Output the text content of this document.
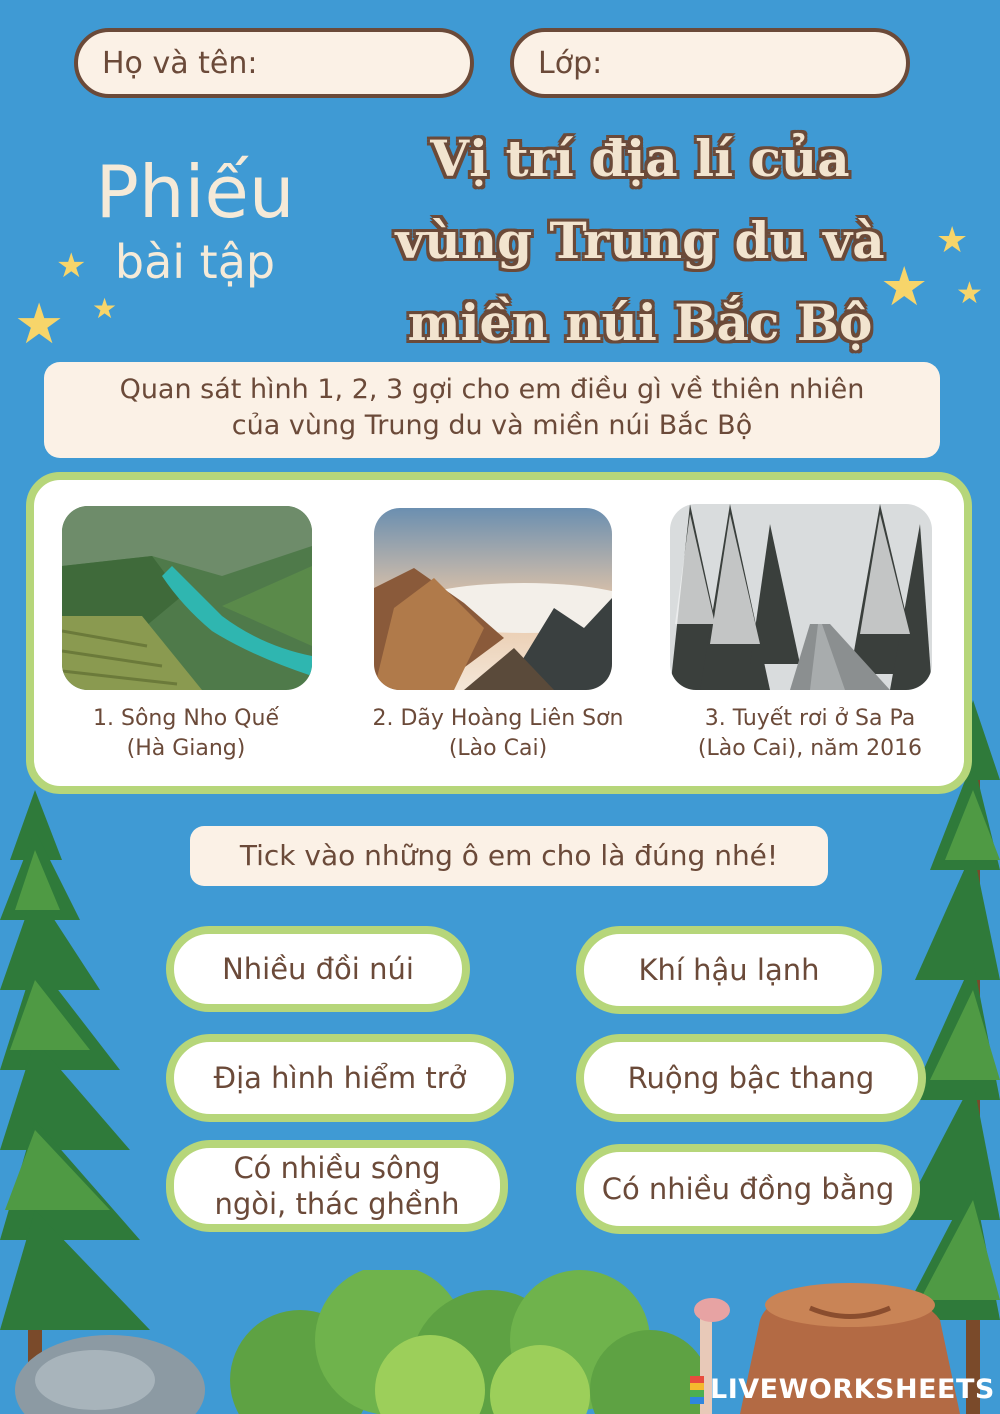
Họ và tên:	Lớp:
Phiếu
bài tập
Vị trí địa lí của
vùng Trung du và
miền núi Bắc Bộ
★
★
★
★
★ ★
Quan sát hình 1, 2, 3 gợi cho em điều gì về thiên nhiên
của vùng Trung du và miền núi Bắc Bộ
1. Sông Nho Quế
(Hà Giang)
2. Dãy Hoàng Liên Sơn
(Lào Cai)
3. Tuyết rơi ở Sa Pa
(Lào Cai), năm 2016
Tick vào những ô em cho là đúng nhé!
Nhiều đồi núi	Khí hậu lạnh
Địa hình hiểm trở	Ruộng bậc thang
Có nhiều sông
ngòi, thác ghềnh	Có nhiều đồng bằng
LIVEWORKSHEETS
